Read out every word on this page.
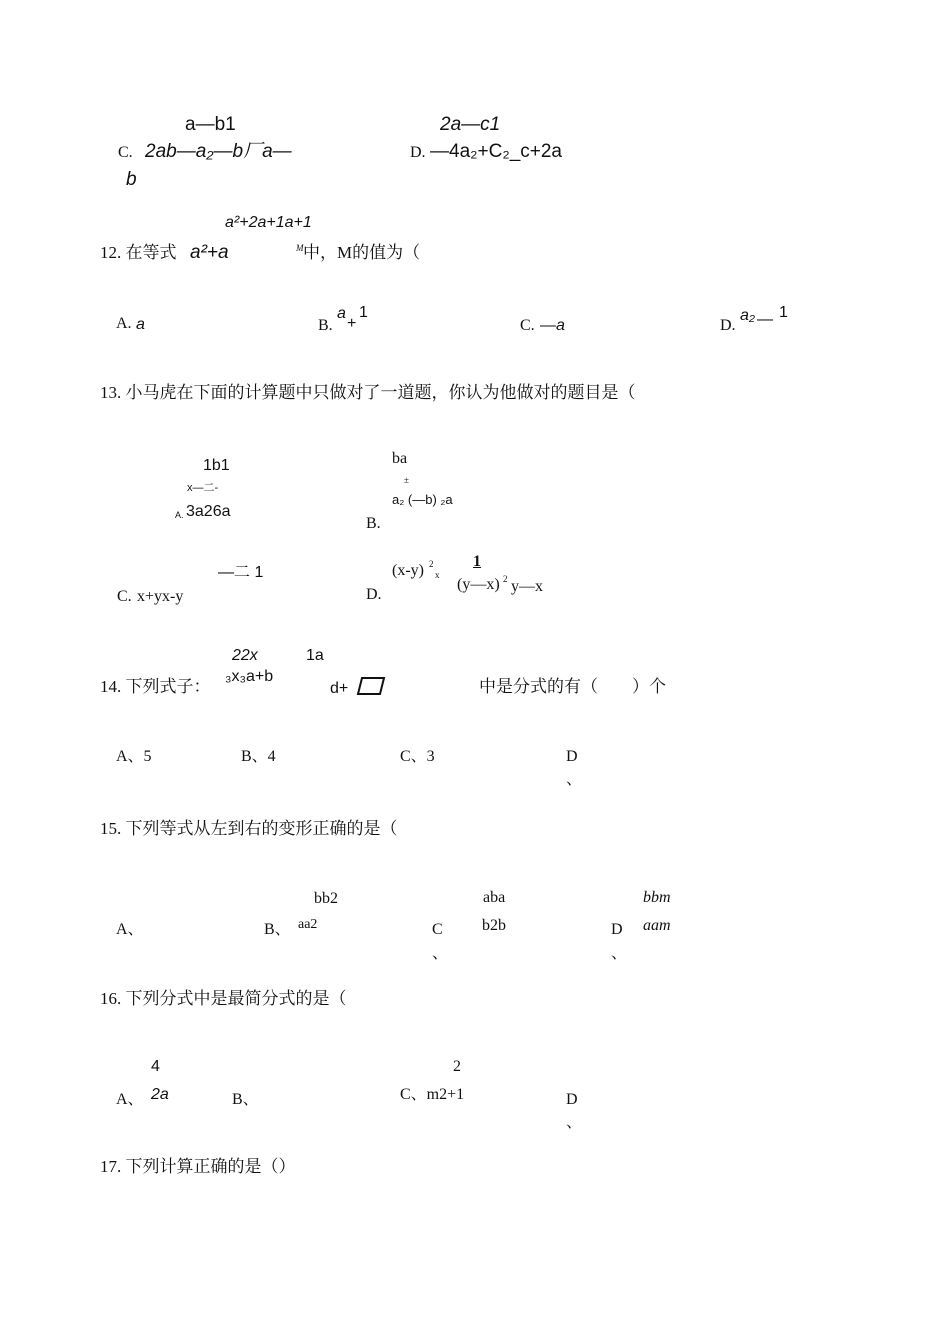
a—b1
C. 2ab—a₂—b厂a—
b
2a—c1
D. —4a₂+C₂_c+2a
a²+2a+1a+1
12. 在等式 a²+a	M 中，M的值为（
A. a	B.
a
+
1
C. —a	D.
a₂ — 1
13. 小马虎在下面的计算题中只做对了一道题，你认为他做对的题目是（
1b1
x—二-
A. 3a26a
ba
±
B.
a₂ (—b) ₂a
—二 1
C. x+yx-y
(x-y) 2
x
1
D.
(y—x) 2 y—x
22x	1a
14. 下列式子：
₃x₃a+b
d+	中是分式的有（　　）个
A、5	B、4	C、3	D
、
15. 下列等式从左到右的变形正确的是（
A、
bb2
B、 aa2
aba
C b2b
、
bbm
D aam
、
16. 下列分式中是最简分式的是（
4
A、 2a	B、
2
C、m2+1	D
、
17. 下列计算正确的是（）
